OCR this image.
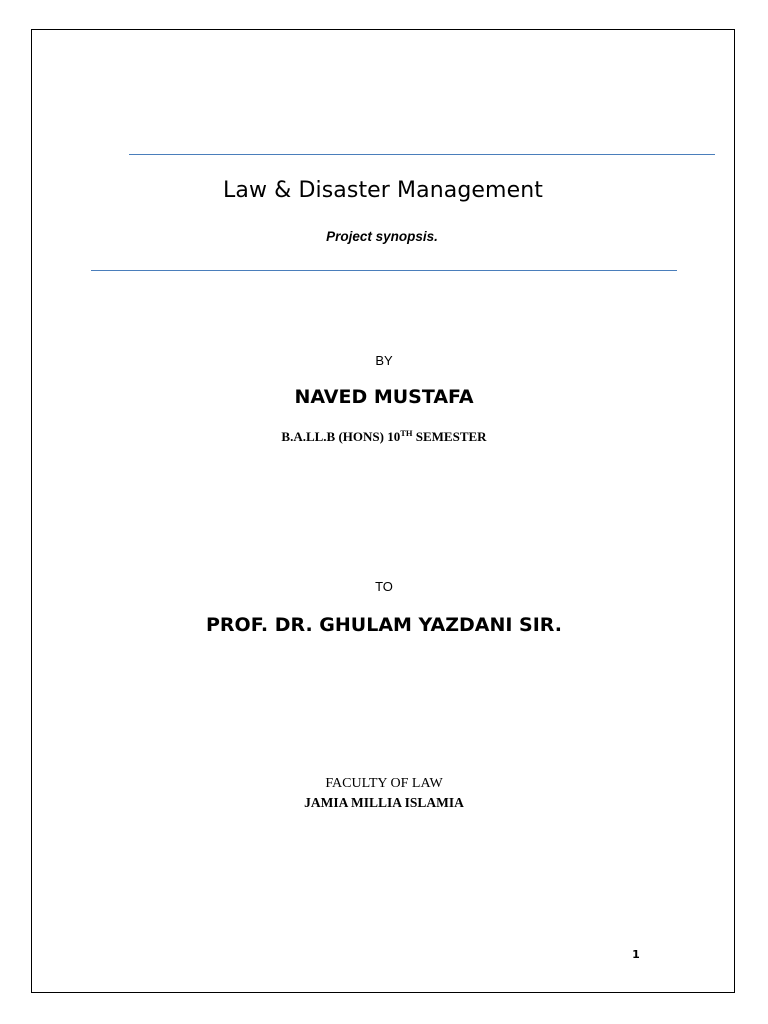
Law & Disaster Management
Project synopsis.
BY
NAVED MUSTAFA
B.A.LL.B (HONS) 10TH SEMESTER
TO
PROF. DR. GHULAM YAZDANI SIR.
FACULTY OF LAW
JAMIA MILLIA ISLAMIA
1
